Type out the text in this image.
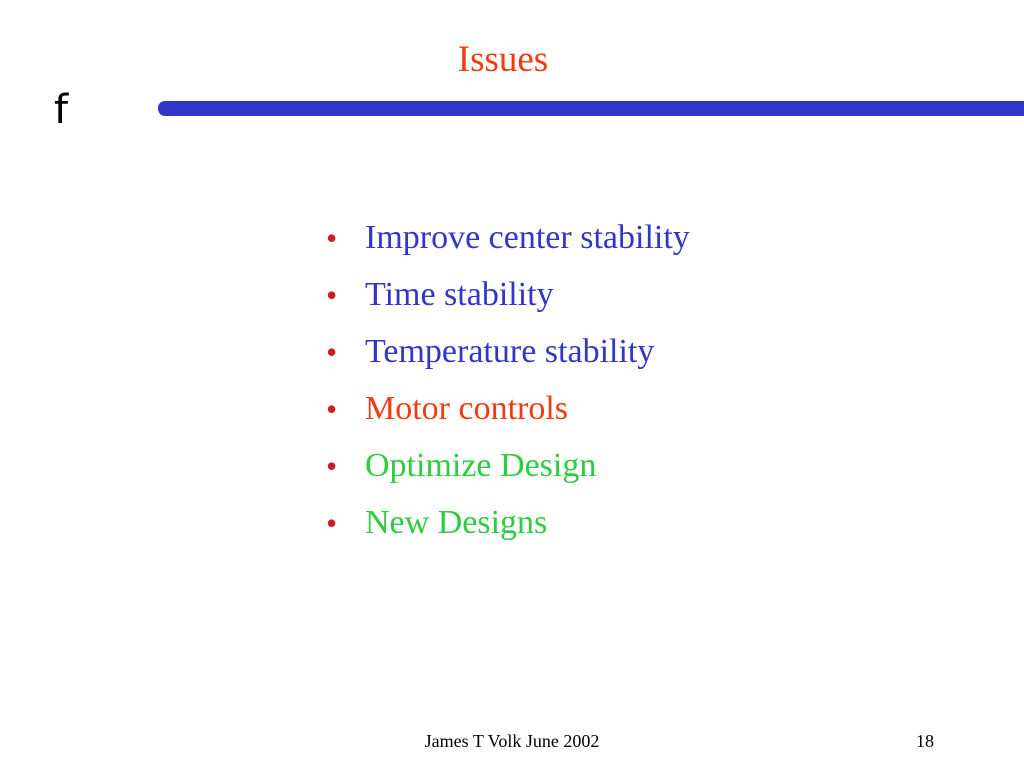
Issues
f
• Improve center stability
• Time stability
• Temperature stability
• Motor controls
• Optimize Design
• New Designs
James T Volk June 2002	18
